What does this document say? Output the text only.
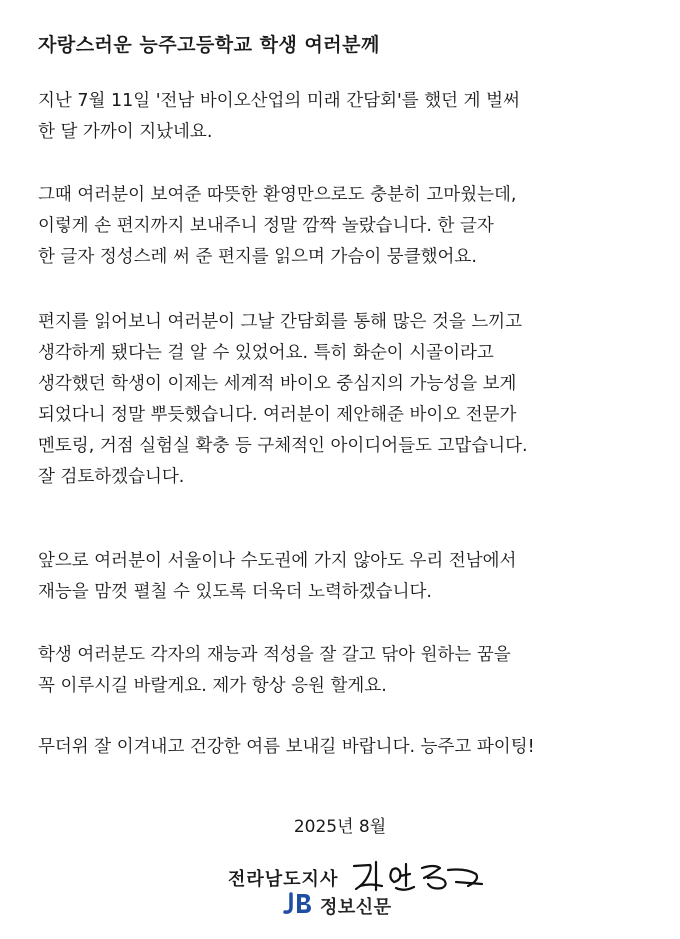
자랑스러운 능주고등학교 학생 여러분께
지난 7월 11일 '전남 바이오산업의 미래 간담회'를 했던 게 벌써
한 달 가까이 지났네요.
그때 여러분이 보여준 따뜻한 환영만으로도 충분히 고마웠는데,
이렇게 손 편지까지 보내주니 정말 깜짝 놀랐습니다. 한 글자
한 글자 정성스레 써 준 편지를 읽으며 가슴이 뭉클했어요.
편지를 읽어보니 여러분이 그날 간담회를 통해 많은 것을 느끼고
생각하게 됐다는 걸 알 수 있었어요. 특히 화순이 시골이라고
생각했던 학생이 이제는 세계적 바이오 중심지의 가능성을 보게
되었다니 정말 뿌듯했습니다. 여러분이 제안해준 바이오 전문가
멘토링, 거점 실험실 확충 등 구체적인 아이디어들도 고맙습니다.
잘 검토하겠습니다.
앞으로 여러분이 서울이나 수도권에 가지 않아도 우리 전남에서
재능을 맘껏 펼칠 수 있도록 더욱더 노력하겠습니다.
학생 여러분도 각자의 재능과 적성을 잘 갈고 닦아 원하는 꿈을
꼭 이루시길 바랄게요. 제가 항상 응원 할게요.
무더위 잘 이겨내고 건강한 여름 보내길 바랍니다. 능주고 파이팅!
2025년 8월
전라남도지사
정보신문
